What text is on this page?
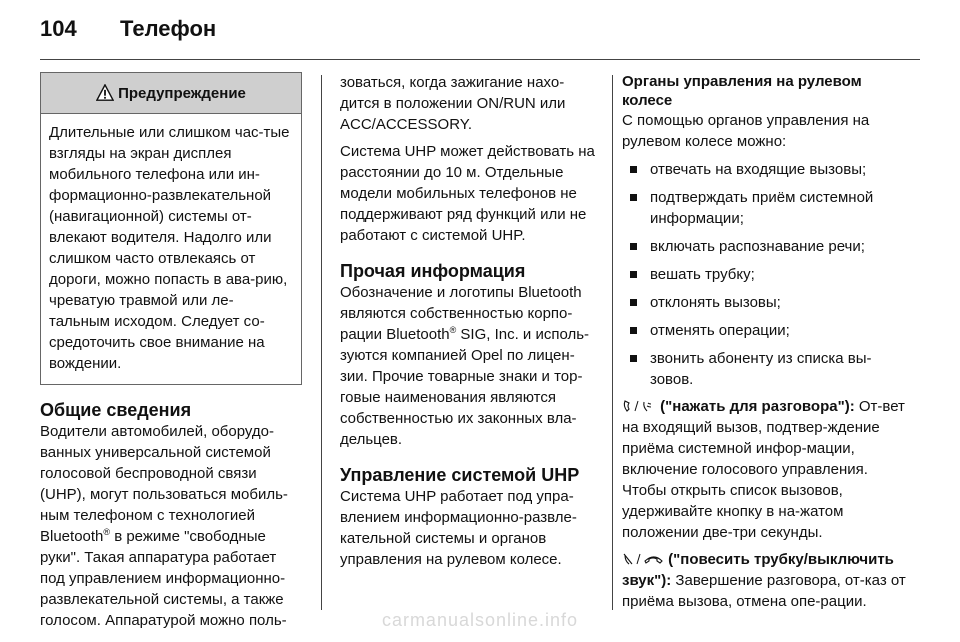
104 Телефон
Предупреждение
Длительные или слишком час-тые взгляды на экран дисплея мобильного телефона или ин-формационно-развлекательной (навигационной) системы от-влекают водителя. Надолго или слишком часто отвлекаясь от дороги, можно попасть в ава-рию, чреватую травмой или ле-тальным исходом. Следует со-средоточить свое внимание на вождении.

Общие сведения

Водители автомобилей, оборудо-ванных универсальной системой голосовой беспроводной связи (UHP), могут пользоваться мобиль-ным телефоном с технологией Bluetooth® в режиме "свободные руки". Такая аппаратура работает под управлением информационно-развлекательной системы, а также голосом. Аппаратурой можно поль-

зоваться, когда зажигание нахо-дится в положении ON/RUN или ACC/ACCESSORY.

Система UHP может действовать на расстоянии до 10 м. Отдельные модели мобильных телефонов не поддерживают ряд функций или не работают с системой UHP.

Прочая информация

Обозначение и логотипы Bluetooth являются собственностью корпо-рации Bluetooth® SIG, Inc. и исполь-зуются компанией Opel по лицен-зии. Прочие товарные знаки и тор-говые наименования являются собственностью их законных вла-дельцев.

Управление системой UHP

Система UHP работает под упра-влением информационно-развле-кательной системы и органов управления на рулевом колесе.

Органы управления на рулевом колесе

С помощью органов управления на рулевом колесе можно:

отвечать на входящие вызовы;
подтверждать приём системной информации;
включать распознавание речи;
вешать трубку;
отклонять вызовы;
отменять операции;
звонить абоненту из списка вы-зовов.

("нажать для разговора"): От-вет на входящий вызов, подтвер-ждение приёма системной инфор-мации, включение голосового управления. Чтобы открыть список вызовов, удерживайте кнопку в на-жатом положении две-три секунды.

("повесить трубку/выключить звук"): Завершение разговора, от-каз от приёма вызова, отмена опе-рации.

carmanualsonline.info
